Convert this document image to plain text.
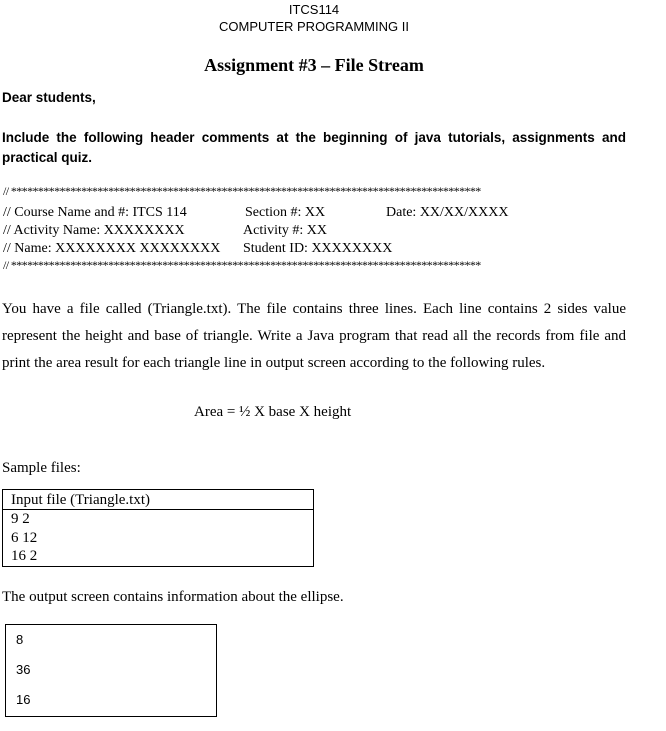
ITCS114
COMPUTER PROGRAMMING II
Assignment #3 – File Stream
Dear students,
Include the following header comments at the beginning of java tutorials, assignments and practical quiz.
// ***************************************************************************************
// Course Name and #: ITCS 114	Section #: XX	Date: XX/XX/XXXX
// Activity Name: XXXXXXXX	Activity #: XX
// Name: XXXXXXXX XXXXXXXX Student ID: XXXXXXXX
// ***************************************************************************************
You have a file called (Triangle.txt). The file contains three lines. Each line contains 2 sides value represent the height and base of triangle. Write a Java program that read all the records from file and print the area result for each triangle line in output screen according to the following rules.
Area = ½ X base X height
Sample files:
Input file (Triangle.txt)
9 2
6 12
16 2
The output screen contains information about the ellipse.
8
36
16
